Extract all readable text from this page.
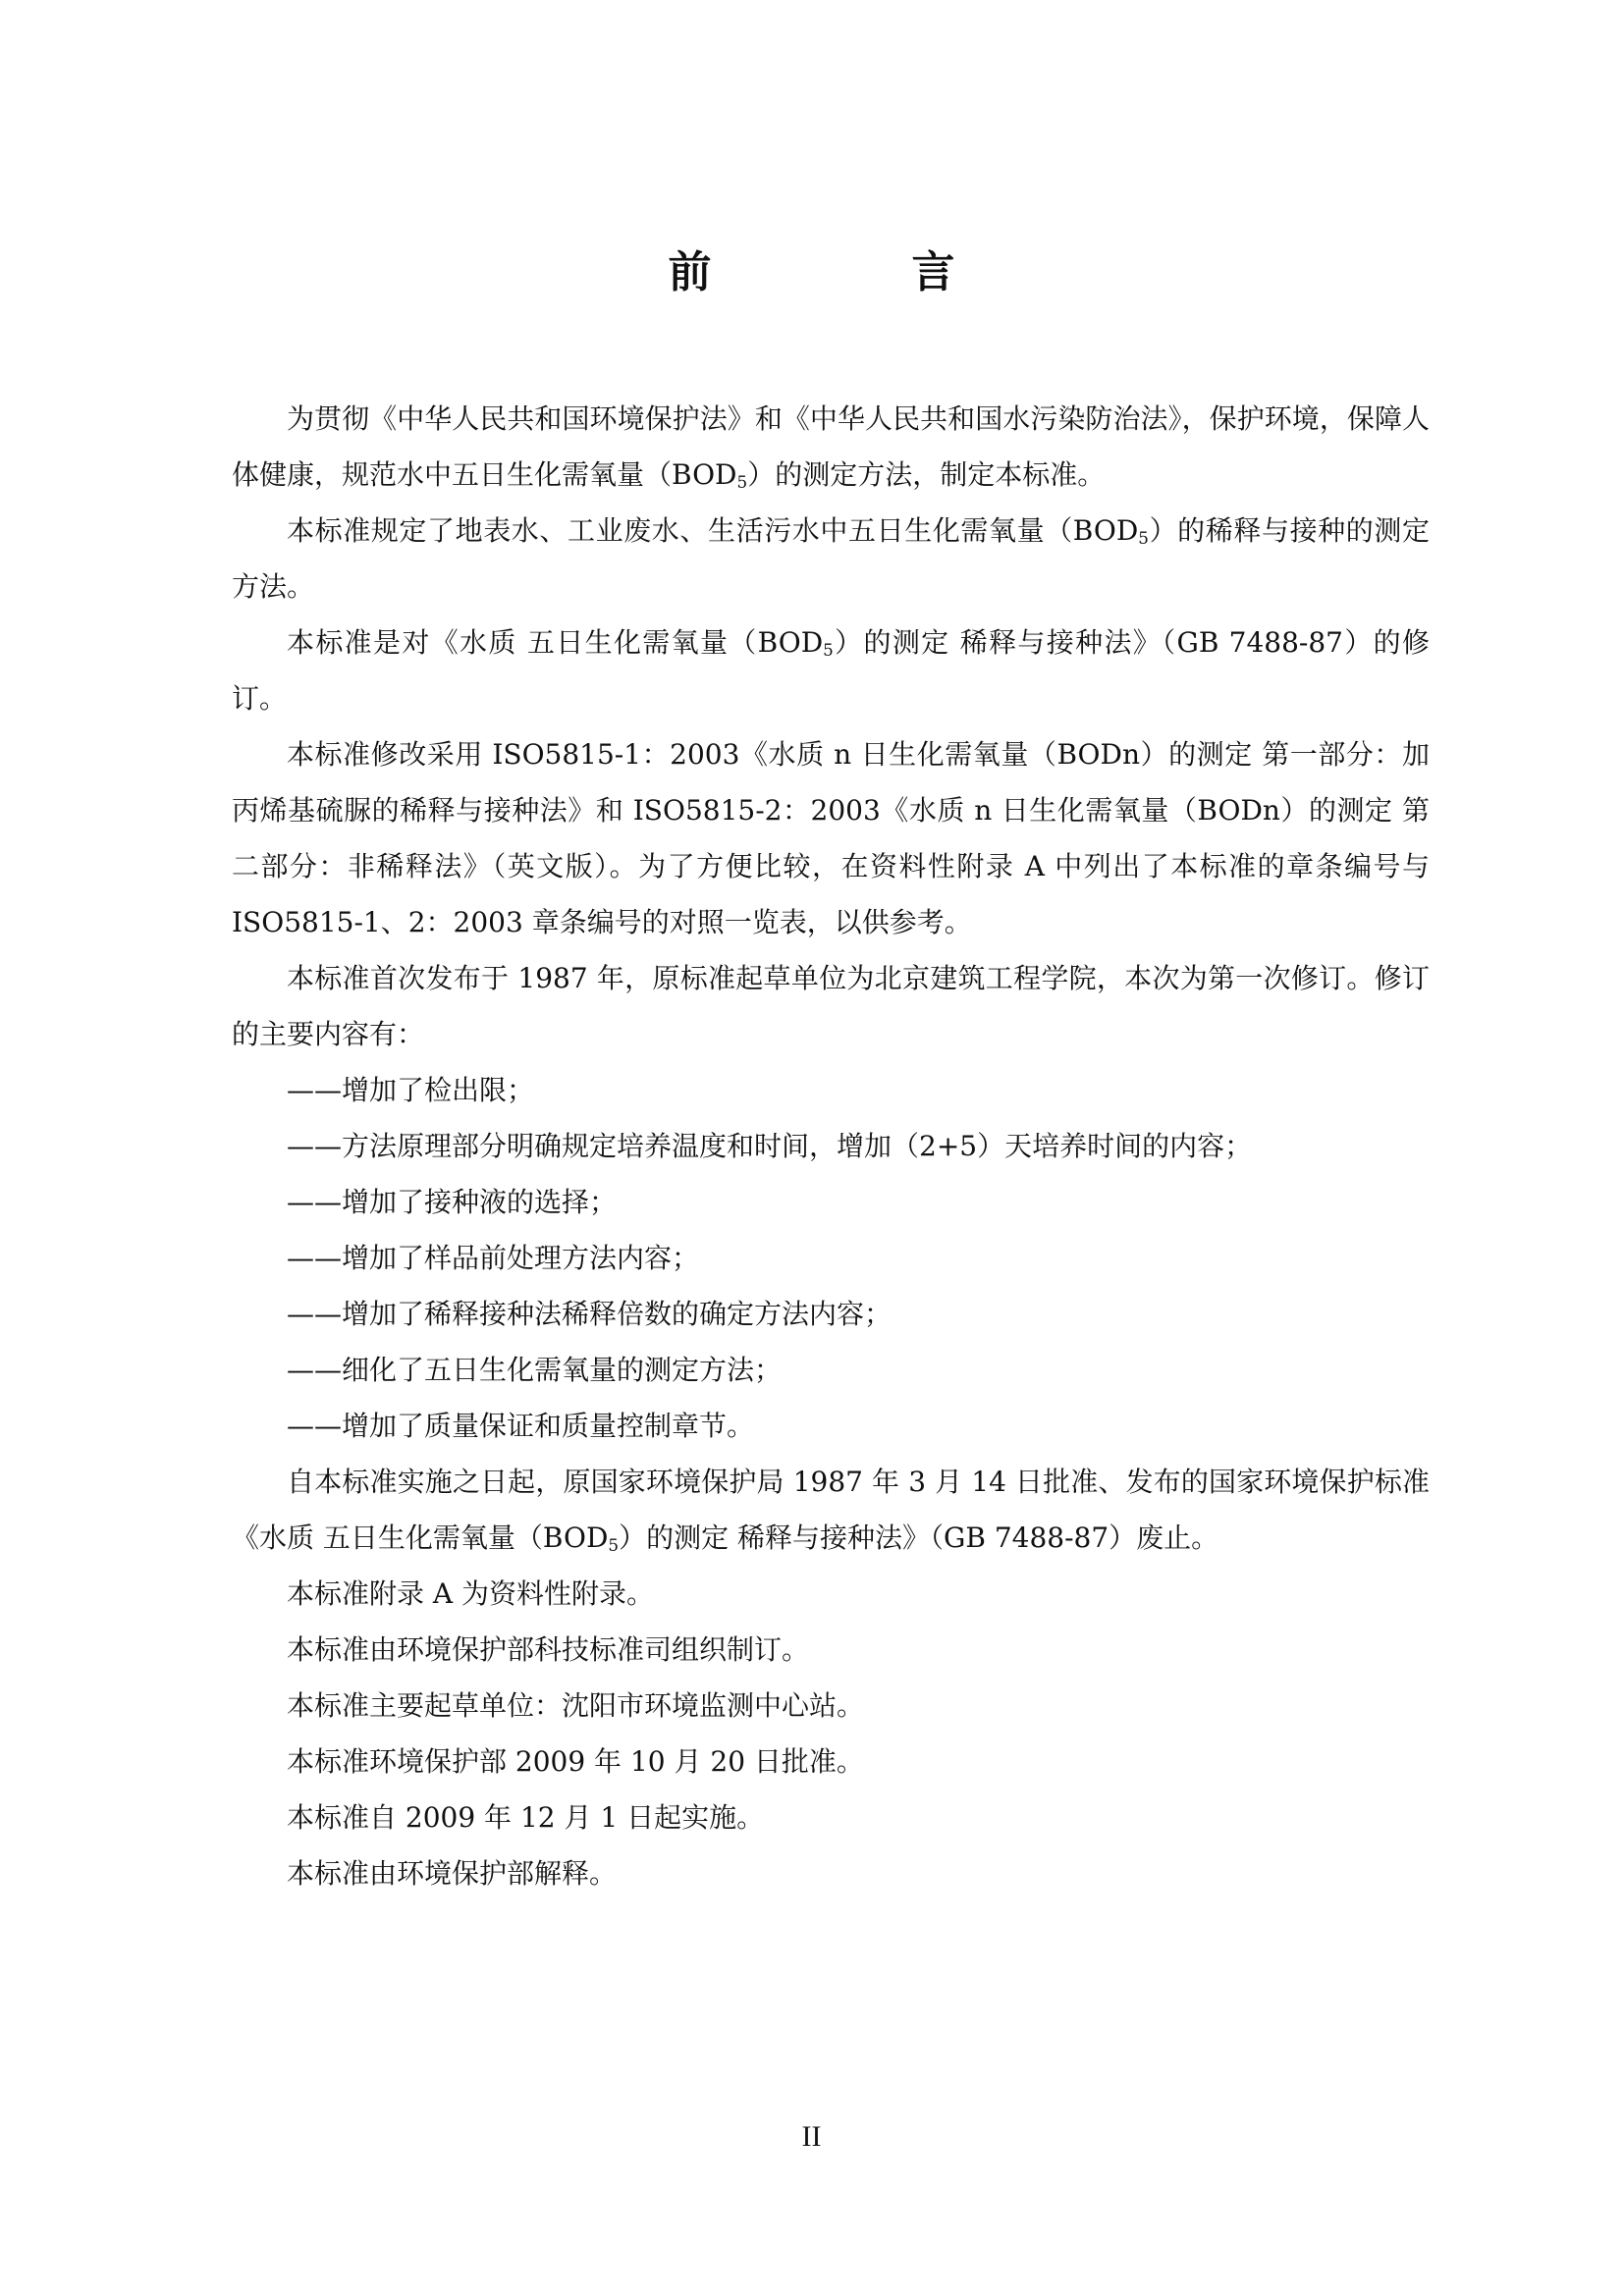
前　言

为贯彻《中华人民共和国环境保护法》和《中华人民共和国水污染防治法》，保护环境，保障人体健康，规范水中五日生化需氧量$(BOD_5)$的测定方法，制定本标准。

本标准规定了地表水、工业废水、生活污水中五日生化需氧量$(BOD_5)$的稀释与接种的测定方法。

本标准是对《水质 五日生化需氧量$(BOD_5)$的测定 稀释与接种法》（GB 7488-87）的修订。

本标准修改采用 ISO5815-1：2003《水质 n 日生化需氧量（BODn）的测定 第一部分：加丙烯基硫脲的稀释与接种法》和 ISO5815-2：2003《水质 n 日生化需氧量（BODn）的测定 第二部分：非稀释法》（英文版）。为了方便比较，在资料性附录 A 中列出了本标准的章条编号与 ISO5815-1、2：2003 章条编号的对照一览表，以供参考。

本标准首次发布于 1987 年，原标准起草单位为北京建筑工程学院，本次为第一次修订。修订的主要内容有：

——增加了检出限；

——方法原理部分明确规定培养温度和时间，增加（2+5）天培养时间的内容；

——增加了接种液的选择；

——增加了样品前处理方法内容；

——增加了稀释接种法稀释倍数的确定方法内容；

——细化了五日生化需氧量的测定方法；

——增加了质量保证和质量控制章节。

自本标准实施之日起，原国家环境保护局 1987 年 3 月 14 日批准、发布的国家环境保护标准《水质 五日生化需氧量$(BOD_5)$的测定 稀释与接种法》（GB 7488-87）废止。

本标准附录 A 为资料性附录。

本标准由环境保护部科技标准司组织制订。

本标准主要起草单位：沈阳市环境监测中心站。

本标准环境保护部 2009 年 10 月 20 日批准。

本标准自 2009 年 12 月 1 日起实施。

本标准由环境保护部解释。

II
